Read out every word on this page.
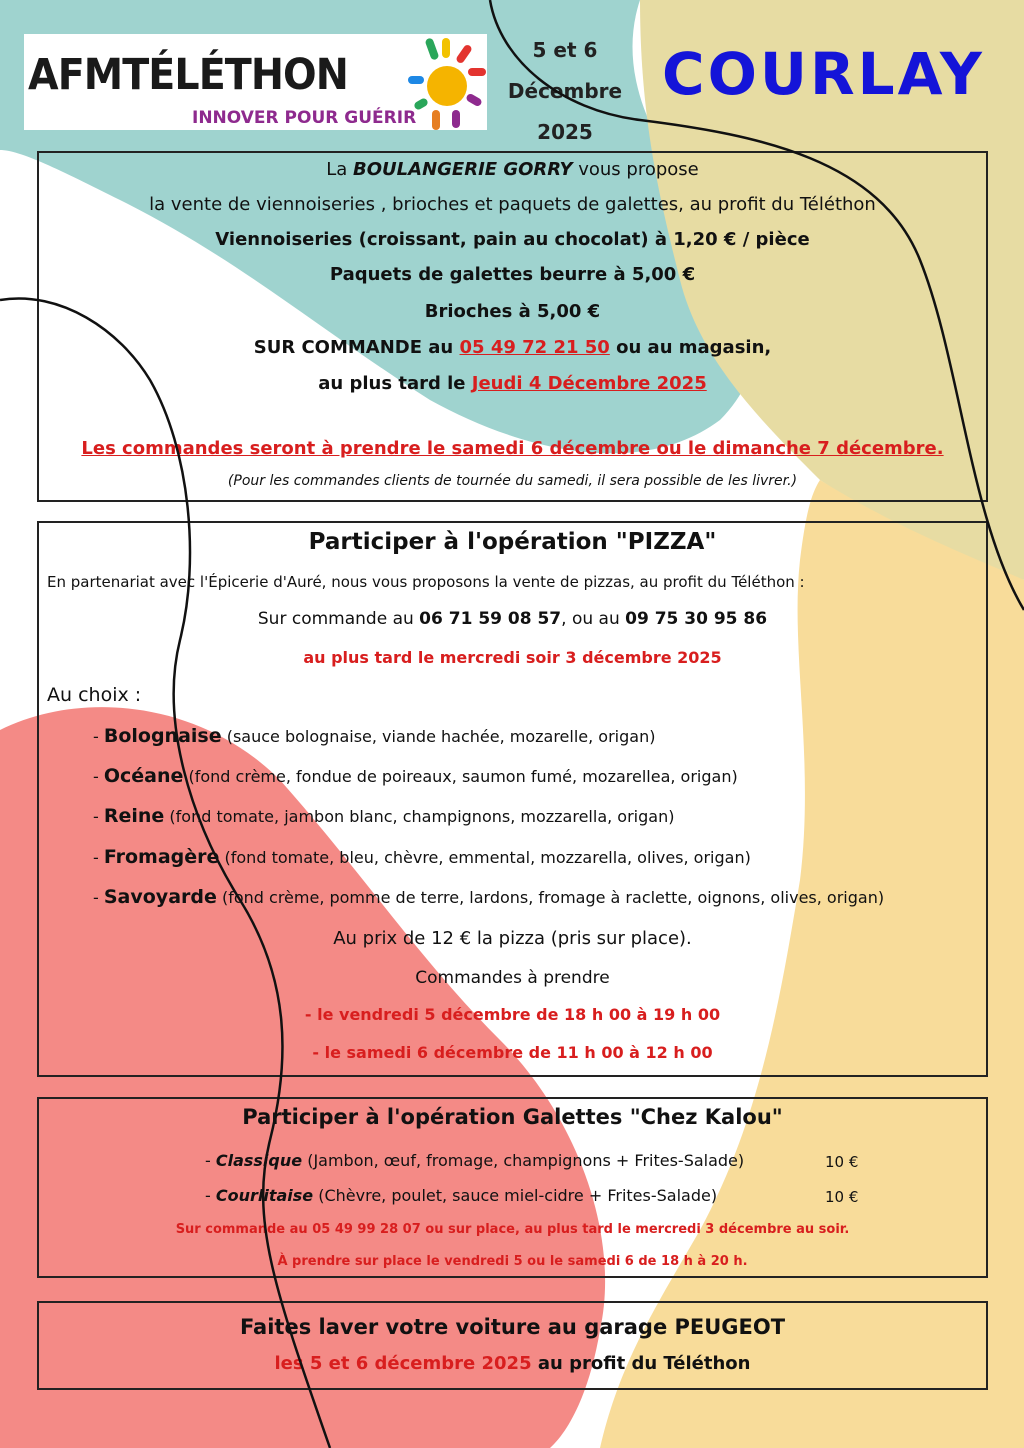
AFMTÉLÉTHON
INNOVER POUR GUÉRIR
5 et 6
Décembre
2025
COURLAY
La BOULANGERIE GORRY vous propose
la vente de viennoiseries , brioches et paquets de galettes, au profit du Téléthon
Viennoiseries (croissant, pain au chocolat) à 1,20 € / pièce
Paquets de galettes beurre à 5,00 €
Brioches à 5,00 €
SUR COMMANDE au 05 49 72 21 50 ou au magasin,
au plus tard le Jeudi 4 Décembre 2025
Les commandes seront à prendre le samedi 6 décembre ou le dimanche 7 décembre.
(Pour les commandes clients de tournée du samedi, il sera possible de les livrer.)
Participer à l'opération "PIZZA"
En partenariat avec l'Épicerie d'Auré, nous vous proposons la vente de pizzas, au profit du Téléthon :
Sur commande au 06 71 59 08 57, ou au 09 75 30 95 86
au plus tard le mercredi soir 3 décembre 2025
Au choix :
- Bolognaise (sauce bolognaise, viande hachée, mozarelle, origan)
- Océane (fond crème, fondue de poireaux, saumon fumé, mozarellea, origan)
- Reine (fond tomate, jambon blanc, champignons, mozzarella, origan)
- Fromagère (fond tomate, bleu, chèvre, emmental, mozzarella, olives, origan)
- Savoyarde (fond crème, pomme de terre, lardons, fromage à raclette, oignons, olives, origan)
Au prix de 12 € la pizza (pris sur place).
Commandes à prendre
- le vendredi 5 décembre de 18 h 00 à 19 h 00
- le samedi 6 décembre de 11 h 00 à 12 h 00
Participer à l'opération Galettes "Chez Kalou"
- Classique (Jambon, œuf, fromage, champignons + Frites-Salade)	10 €
- Courlitaise (Chèvre, poulet, sauce miel-cidre + Frites-Salade)	10 €
Sur commande au 05 49 99 28 07 ou sur place, au plus tard le mercredi 3 décembre au soir.
À prendre sur place le vendredi 5 ou le samedi 6 de 18 h à 20 h.
Faites laver votre voiture au garage PEUGEOT
les 5 et 6 décembre 2025 au profit du Téléthon
